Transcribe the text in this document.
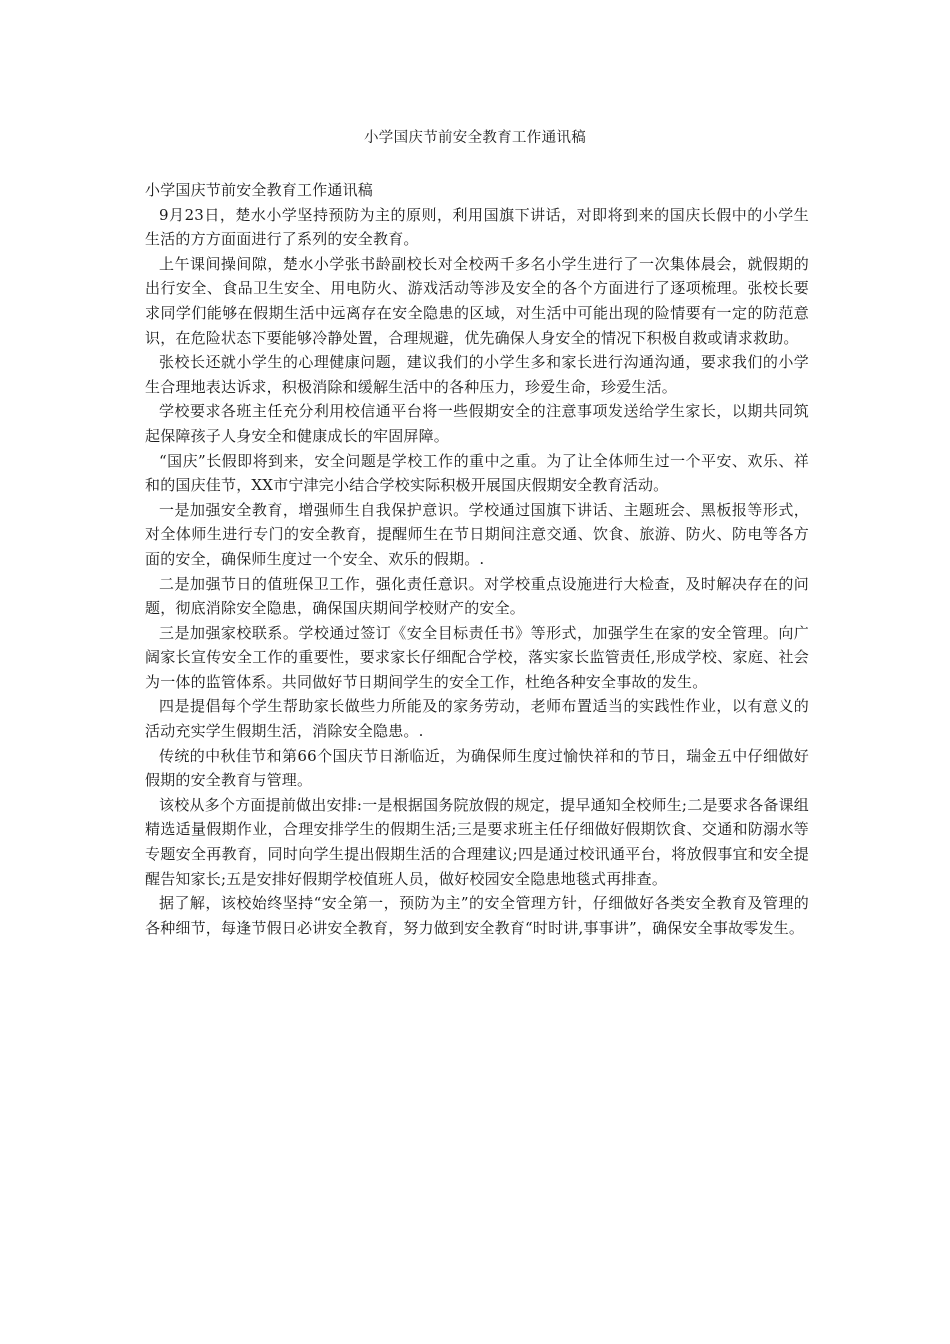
小学国庆节前安全教育工作通讯稿

小学国庆节前安全教育工作通讯稿

9月23日，楚水小学坚持预防为主的原则，利用国旗下讲话，对即将到来的国庆长假中的小学生生活的方方面面进行了系列的安全教育。

上午课间操间隙，楚水小学张书龄副校长对全校两千多名小学生进行了一次集体晨会，就假期的出行安全、食品卫生安全、用电防火、游戏活动等涉及安全的各个方面进行了逐项梳理。张校长要求同学们能够在假期生活中远离存在安全隐患的区域，对生活中可能出现的险情要有一定的防范意识，在危险状态下要能够冷静处置，合理规避，优先确保人身安全的情况下积极自救或请求救助。

张校长还就小学生的心理健康问题，建议我们的小学生多和家长进行沟通沟通，要求我们的小学生合理地表达诉求，积极消除和缓解生活中的各种压力，珍爱生命，珍爱生活。

学校要求各班主任充分利用校信通平台将一些假期安全的注意事项发送给学生家长，以期共同筑起保障孩子人身安全和健康成长的牢固屏障。

“国庆”长假即将到来，安全问题是学校工作的重中之重。为了让全体师生过一个平安、欢乐、祥和的国庆佳节，XX市宁津完小结合学校实际积极开展国庆假期安全教育活动。

一是加强安全教育，增强师生自我保护意识。学校通过国旗下讲话、主题班会、黑板报等形式，对全体师生进行专门的安全教育，提醒师生在节日期间注意交通、饮食、旅游、防火、防电等各方面的安全，确保师生度过一个安全、欢乐的假期。.

二是加强节日的值班保卫工作，强化责任意识。对学校重点设施进行大检查，及时解决存在的问题，彻底消除安全隐患，确保国庆期间学校财产的安全。

三是加强家校联系。学校通过签订《安全目标责任书》等形式，加强学生在家的安全管理。向广阔家长宣传安全工作的重要性，要求家长仔细配合学校，落实家长监管责任,形成学校、家庭、社会为一体的监管体系。共同做好节日期间学生的安全工作，杜绝各种安全事故的发生。

四是提倡每个学生帮助家长做些力所能及的家务劳动，老师布置适当的实践性作业，以有意义的活动充实学生假期生活，消除安全隐患。.

传统的中秋佳节和第66个国庆节日渐临近，为确保师生度过愉快祥和的节日，瑞金五中仔细做好假期的安全教育与管理。

该校从多个方面提前做出安排:一是根据国务院放假的规定，提早通知全校师生;二是要求各备课组精选适量假期作业，合理安排学生的假期生活;三是要求班主任仔细做好假期饮食、交通和防溺水等专题安全再教育，同时向学生提出假期生活的合理建议;四是通过校讯通平台，将放假事宜和安全提醒告知家长;五是安排好假期学校值班人员，做好校园安全隐患地毯式再排查。

据了解，该校始终坚持“安全第一，预防为主”的安全管理方针，仔细做好各类安全教育及管理的各种细节，每逢节假日必讲安全教育，努力做到安全教育“时时讲,事事讲”，确保安全事故零发生。
